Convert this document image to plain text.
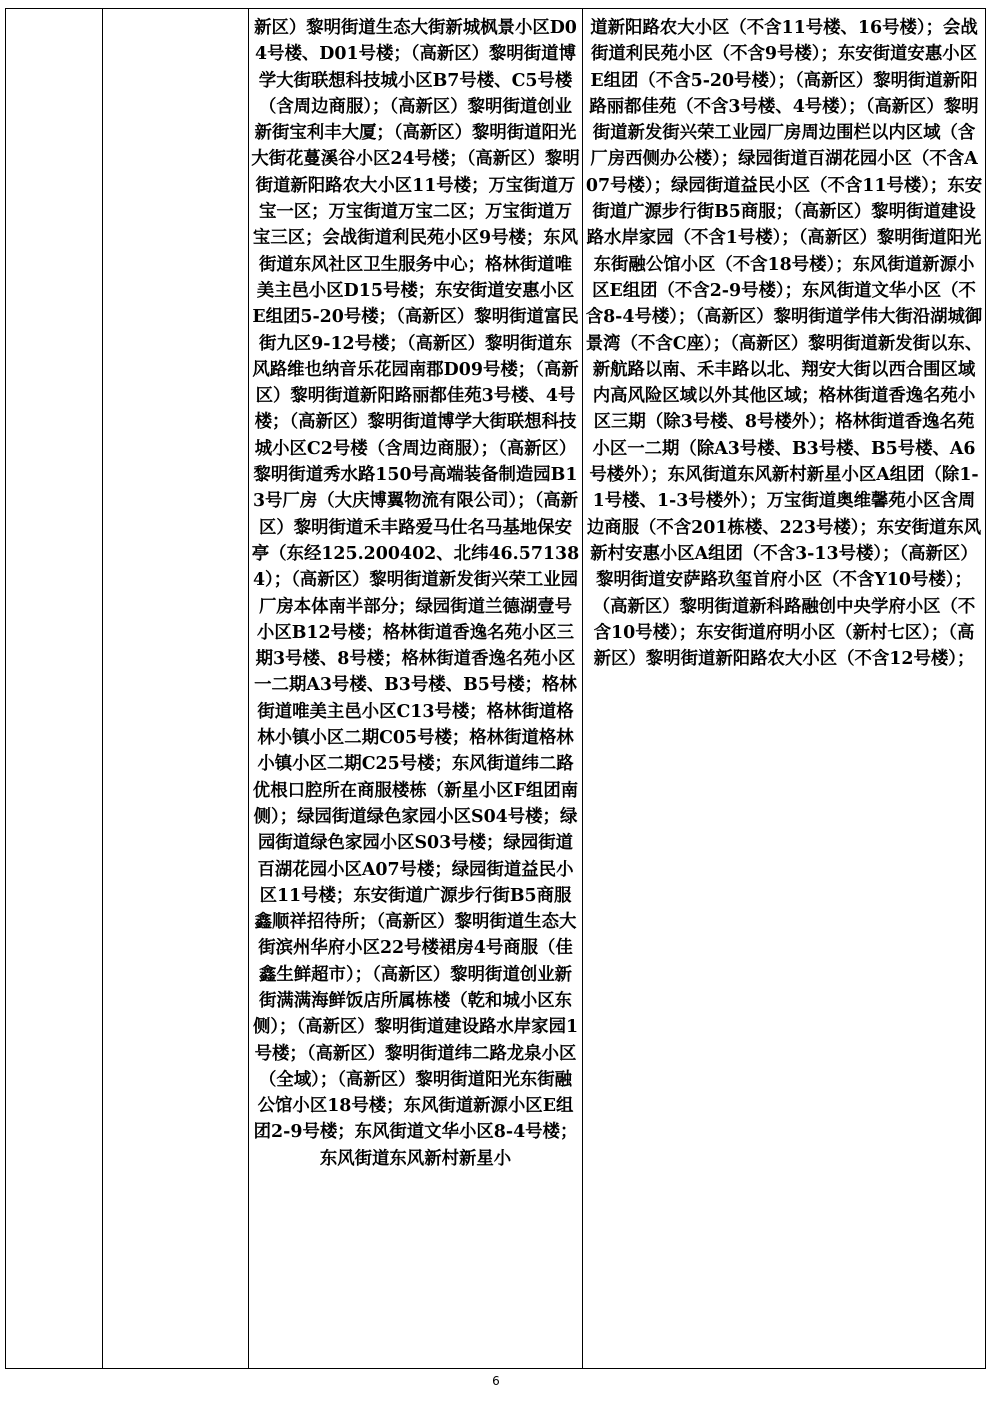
新区）黎明街道生态大街新城枫景小区D04号楼、D01号楼；（高新区）黎明街道博学大街联想科技城小区B7号楼、C5号楼（含周边商服）；（高新区）黎明街道创业新街宝利丰大厦；（高新区）黎明街道阳光大街花蔓溪谷小区24号楼；（高新区）黎明街道新阳路农大小区11号楼；万宝街道万宝一区；万宝街道万宝二区；万宝街道万宝三区；会战街道利民苑小区9号楼；东风街道东风社区卫生服务中心；格林街道唯美主邑小区D15号楼；东安街道安惠小区E组团5-20号楼；（高新区）黎明街道富民街九区9-12号楼；（高新区）黎明街道东风路维也纳音乐花园南郡D09号楼；（高新区）黎明街道新阳路丽都佳苑3号楼、4号楼；（高新区）黎明街道博学大街联想科技城小区C2号楼（含周边商服）；（高新区）黎明街道秀水路150号高端装备制造园B13号厂房（大庆博翼物流有限公司）；（高新区）黎明街道禾丰路爱马仕名马基地保安亭（东经125.200402、北纬46.571384）；（高新区）黎明街道新发街兴荣工业园厂房本体南半部分；绿园街道兰德湖壹号小区B12号楼；格林街道香逸名苑小区三期3号楼、8号楼；格林街道香逸名苑小区一二期A3号楼、B3号楼、B5号楼；格林街道唯美主邑小区C13号楼；格林街道格林小镇小区二期C05号楼；格林街道格林小镇小区二期C25号楼；东风街道纬二路优根口腔所在商服楼栋（新星小区F组团南侧）；绿园街道绿色家园小区S04号楼；绿园街道绿色家园小区S03号楼；绿园街道百湖花园小区A07号楼；绿园街道益民小区11号楼；东安街道广源步行街B5商服鑫顺祥招待所；（高新区）黎明街道生态大街滨州华府小区22号楼裙房4号商服（佳鑫生鲜超市）；（高新区）黎明街道创业新街满满海鲜饭店所属栋楼（乾和城小区东侧）；（高新区）黎明街道建设路水岸家园1号楼；（高新区）黎明街道纬二路龙泉小区（全域）；（高新区）黎明街道阳光东街融公馆小区18号楼；东风街道新源小区E组团2-9号楼；东风街道文华小区8-4号楼；东风街道东风新村新星小

道新阳路农大小区（不含11号楼、16号楼）；会战街道利民苑小区（不含9号楼）；东安街道安惠小区E组团（不含5-20号楼）；（高新区）黎明街道新阳路丽都佳苑（不含3号楼、4号楼）；（高新区）黎明街道新发街兴荣工业园厂房周边围栏以内区域（含厂房西侧办公楼）；绿园街道百湖花园小区（不含A07号楼）；绿园街道益民小区（不含11号楼）；东安街道广源步行街B5商服；（高新区）黎明街道建设路水岸家园（不含1号楼）；（高新区）黎明街道阳光东街融公馆小区（不含18号楼）；东风街道新源小区E组团（不含2-9号楼）；东风街道文华小区（不含8-4号楼）；（高新区）黎明街道学伟大街沿湖城御景湾（不含C座）；（高新区）黎明街道新发街以东、新航路以南、禾丰路以北、翔安大街以西合围区域内高风险区域以外其他区域；格林街道香逸名苑小区三期（除3号楼、8号楼外）；格林街道香逸名苑小区一二期（除A3号楼、B3号楼、B5号楼、A6号楼外）；东风街道东风新村新星小区A组团（除1-1号楼、1-3号楼外）；万宝街道奥维馨苑小区含周边商服（不含201栋楼、223号楼）；东安街道东风新村安惠小区A组团（不含3-13号楼）；（高新区）黎明街道安萨路玖玺首府小区（不含Y10号楼）；（高新区）黎明街道新科路融创中央学府小区（不含10号楼）；东安街道府明小区（新村七区）；（高新区）黎明街道新阳路农大小区（不含12号楼）；
6
